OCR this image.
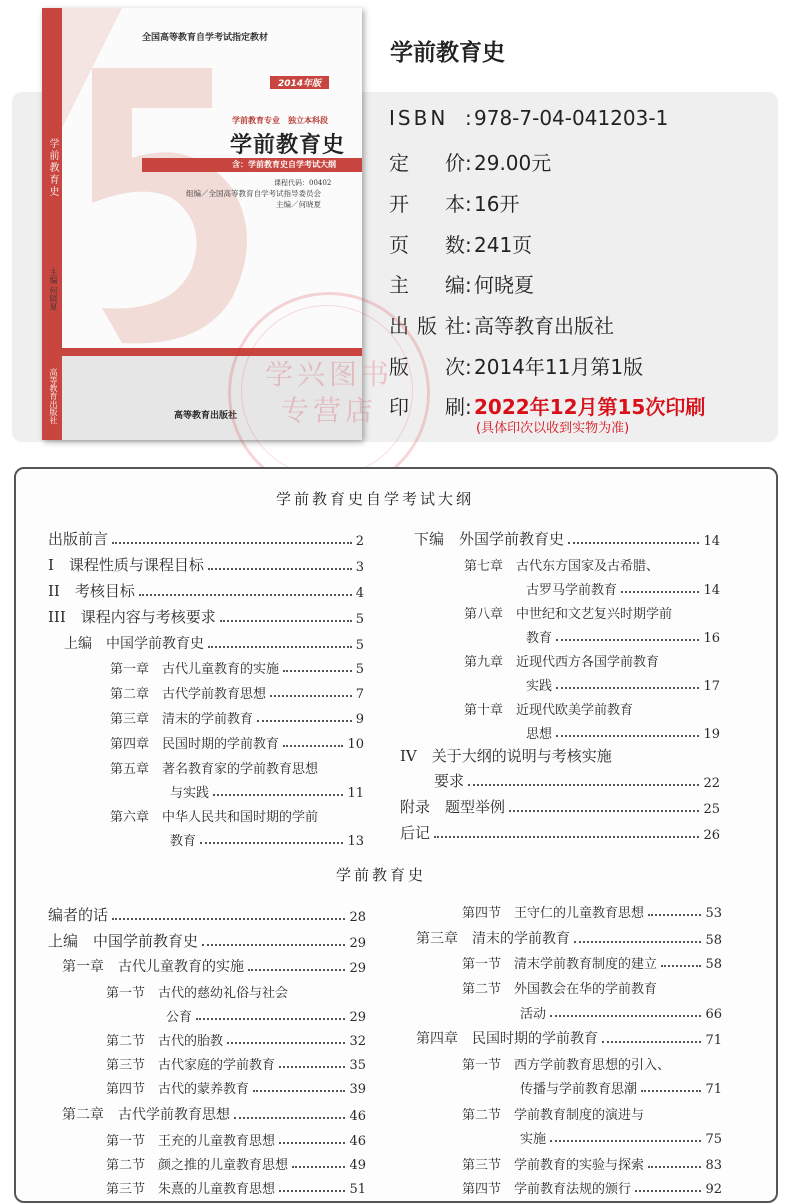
学前教育史
主编 何晓夏
高等教育出版社
全国高等教育自学考试指定教材
2014年版
学前教育专业　独立本科段
学前教育史
含：学前教育史自学考试大纲
课程代码：00402
组编／全国高等教育自学考试指导委员会
主编／何晓夏
高等教育出版社
学前教育史
ISBN : 978-7-04-041203-1
定价: 29.00元
开本: 16开
页数: 241页
主编: 何晓夏
出版社: 高等教育出版社
版次: 2014年11月第1版
印刷: 2022年12月第15次印刷
(具体印次以收到实物为准)
学兴图书
专营店
学前教育史自学考试大纲
出版前言	2
I　课程性质与课程目标	3
II　考核目标	4
III　课程内容与考核要求	5
上编　中国学前教育史	5
第一章　古代儿童教育的实施	5
第二章　古代学前教育思想	7
第三章　清末的学前教育	9
第四章　民国时期的学前教育	10
第五章　著名教育家的学前教育思想
与实践	11
第六章　中华人民共和国时期的学前
教育	13
下编　外国学前教育史	14
第七章　古代东方国家及古希腊、
古罗马学前教育	14
第八章　中世纪和文艺复兴时期学前
教育	16
第九章　近现代西方各国学前教育
实践	17
第十章　近现代欧美学前教育
思想	19
IV　关于大纲的说明与考核实施
要求	22
附录　题型举例	25
后记	26
学前教育史
编者的话	28
上编　中国学前教育史	29
第一章　古代儿童教育的实施	29
第一节　古代的慈幼礼俗与社会
公育	29
第二节　古代的胎教	32
第三节　古代家庭的学前教育	35
第四节　古代的蒙养教育	39
第二章　古代学前教育思想	46
第一节　王充的儿童教育思想	46
第二节　颜之推的儿童教育思想	49
第三节　朱熹的儿童教育思想	51
第四节　王守仁的儿童教育思想	53
第三章　清末的学前教育	58
第一节　清末学前教育制度的建立	58
第二节　外国教会在华的学前教育
活动	66
第四章　民国时期的学前教育	71
第一节　西方学前教育思想的引入、
传播与学前教育思潮	71
第二节　学前教育制度的演进与
实施	75
第三节　学前教育的实验与探索	83
第四节　学前教育法规的颁行	92
